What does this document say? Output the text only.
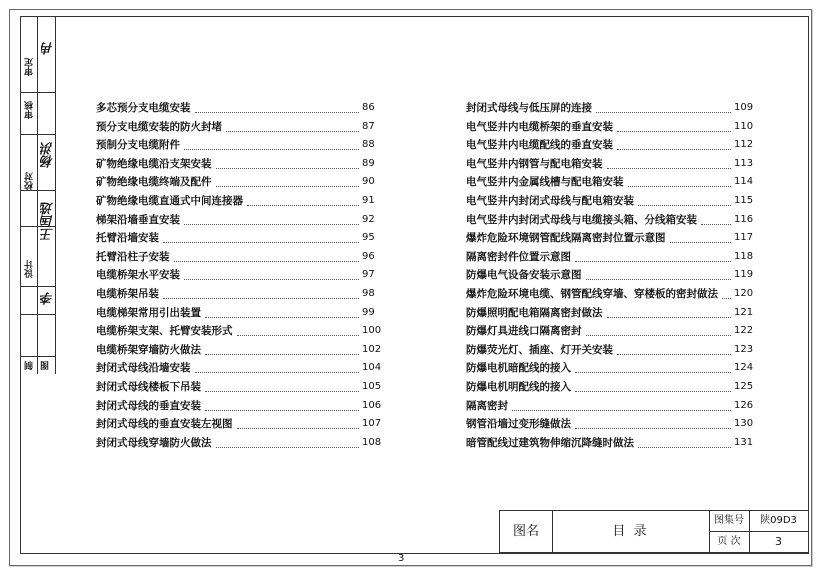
审定
冉
审核
杨洪
校对
王国选
设计
李
制 图
多芯预分支电缆安装	86
预分支电缆安装的防火封堵	87
预制分支电缆附件	88
矿物绝缘电缆沿支架安装	89
矿物绝缘电缆终端及配件	90
矿物绝缘电缆直通式中间连接器	91
梯架沿墙垂直安装	92
托臂沿墙安装	95
托臂沿柱子安装	96
电缆桥架水平安装	97
电缆桥架吊装	98
电缆梯架常用引出装置	99
电缆桥架支架、托臂安装形式	100
电缆桥架穿墙防火做法	102
封闭式母线沿墙安装	104
封闭式母线楼板下吊装	105
封闭式母线的垂直安装	106
封闭式母线的垂直安装左视图	107
封闭式母线穿墙防火做法	108
封闭式母线与低压屏的连接	109
电气竖井内电缆桥架的垂直安装	110
电气竖井内电缆配线的垂直安装	112
电气竖井内钢管与配电箱安装	113
电气竖井内金属线槽与配电箱安装	114
电气竖井内封闭式母线与配电箱安装	115
电气竖井内封闭式母线与电缆接头箱、分线箱安装	116
爆炸危险环境钢管配线隔离密封位置示意图	117
隔离密封件位置示意图	118
防爆电气设备安装示意图	119
爆炸危险环境电缆、钢管配线穿墙、穿楼板的密封做法 120
防爆照明配电箱隔离密封做法	121
防爆灯具进线口隔离密封	122
防爆荧光灯、插座、灯开关安装	123
防爆电机暗配线的接入	124
防爆电机明配线的接入	125
隔离密封	126
钢管沿墙过变形缝做法	130
暗管配线过建筑物伸缩沉降缝时做法	131
图名	目 录
图集号	陕09D3
页 次	3
3
